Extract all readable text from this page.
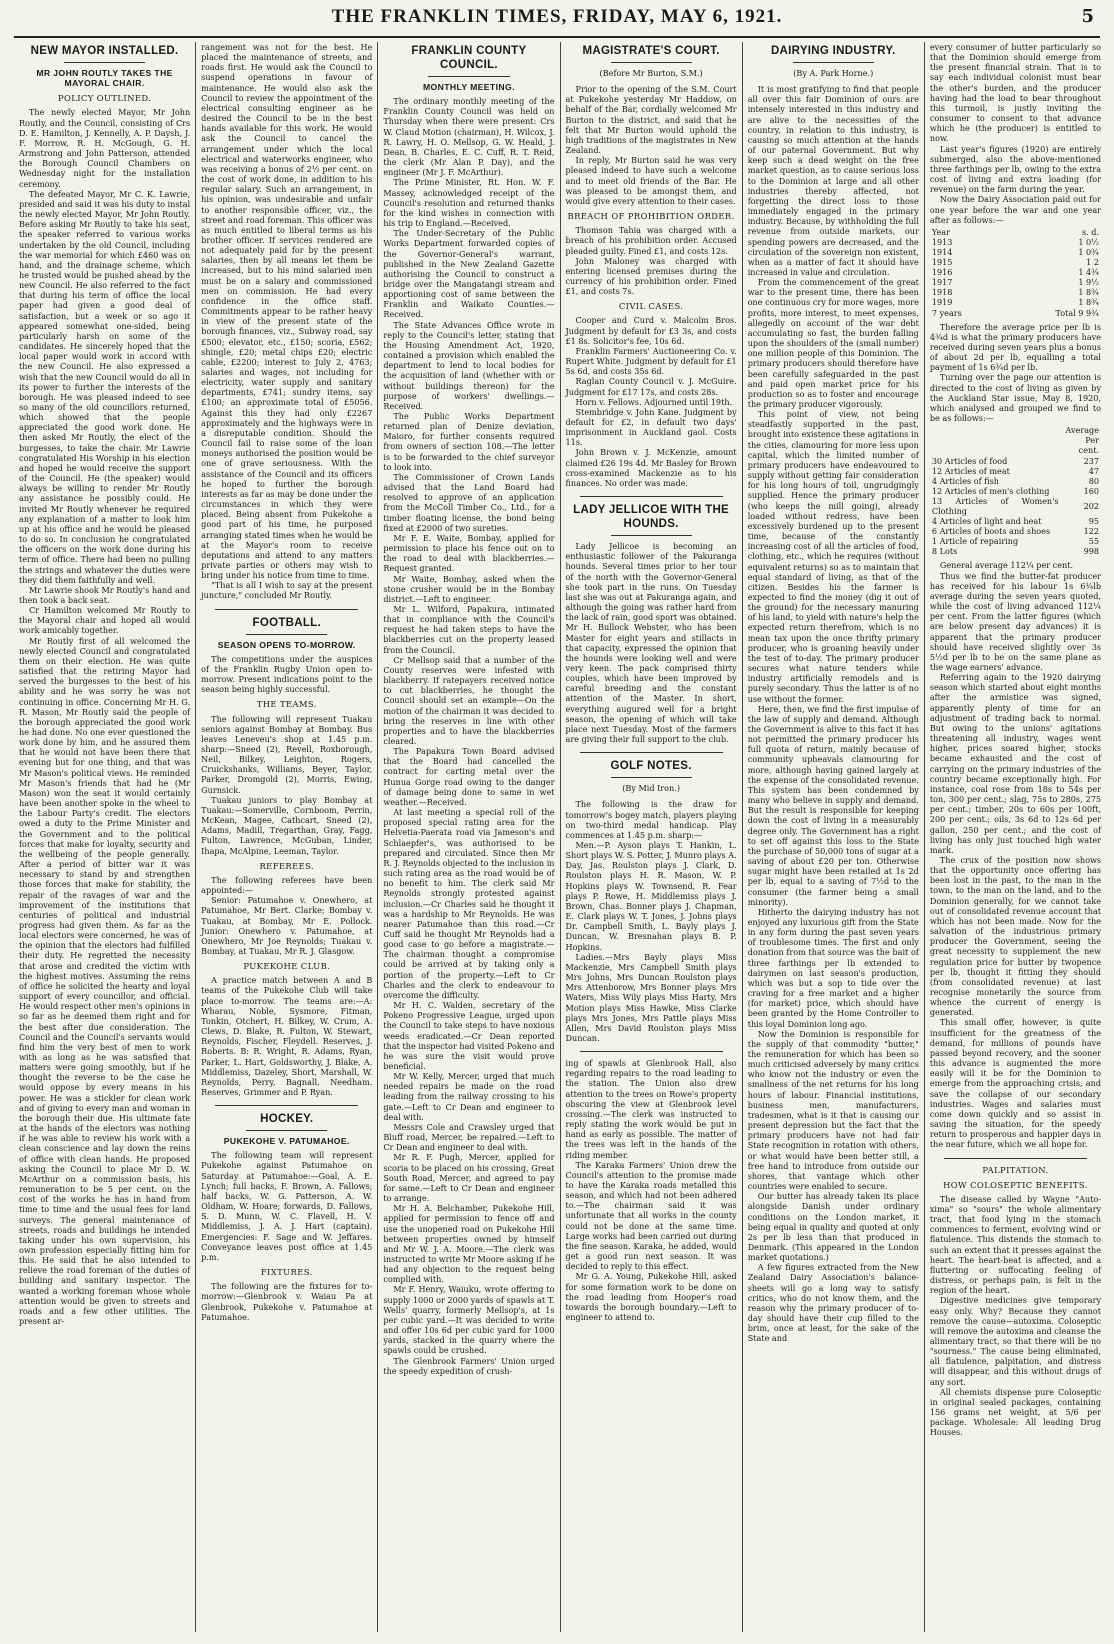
THE FRANKLIN TIMES, FRIDAY, MAY 6, 1921.	5
NEW MAYOR INSTALLED.
MR JOHN ROUTLY TAKES THE MAYORAL CHAIR.
POLICY OUTLINED.

The newly elected Mayor, Mr John Routly, and the Council, consisting of Crs D. E. Hamilton, J. Kennelly, A. P. Daysh, J. F. Morrow, R. H. McGough, G. H. Armstrong and John Patterson, attended the Borough Council Chambers on Wednesday night for the installation ceremony.

The defeated Mayor, Mr C. K. Lawrie, presided and said it was his duty to instal the newly elected Mayor, Mr John Routly. Before asking Mr Routly to take his seat, the speaker referred to various works undertaken by the old Council, including the war memorial for which £460 was on hand, and the drainage scheme, which he trusted would be pushed ahead by the new Council. He also referred to the fact that during his term of office the local paper had given a good deal of satisfaction, but a week or so ago it appeared somewhat one-sided, being particularly harsh on some of the candidates. He sincerely hoped that the local paper would work in accord with the new Council. He also expressed a wish that the new Council would do all in its power to further the interests of the borough. He was pleased indeed to see so many of the old councillors returned, which showed that the people appreciated the good work done. He then asked Mr Routly, the elect of the burgesses, to take the chair. Mr Lawrie congratulated His Worship in his election and hoped he would receive the support of the Council. He (the speaker) would always be willing to render Mr Routly any assistance he possibly could. He invited Mr Routly whenever he required any explanation of a matter to look him up at his office and he would be pleased to do so. In conclusion he congratulated the officers on the work done during his term of office. There had been no pulling the strings and whatever the duties were they did them faithfully and well.

Mr Lawrie shook Mr Routly's hand and then took a back seat.

Cr Hamilton welcomed Mr Routly to the Mayoral chair and hoped all would work amicably together.

Mr Routly first of all welcomed the newly elected Council and congratulated them on their election. He was quite satisfied that the retiring Mayor had served the burgesses to the best of his ability and he was sorry he was not continuing in office. Concerning Mr H. G. R. Mason, Mr Routly said the people of the borough appreciated the good work he had done. No one ever questioned the work done by him, and he assured them that he would not have been there that evening but for one thing, and that was Mr Mason's political views. He reminded Mr Mason's friends that had he (Mr Mason) won the seat it would certainly have been another spoke in the wheel to the Labour Party's credit. The electors owed a duty to the Prime Minister and the Government and to the political forces that make for loyalty, security and the wellbeing of the people generally. After a period of bitter war it was necessary to stand by and strengthen those forces that make for stability, the repair of the ravages of war and the improvement of the institutions that centuries of political and industrial progress had given them. As far as the local electors were concerned, he was of the opinion that the electors had fulfilled their duty. He regretted the necessity that arose and credited the victim with the highest motives. Assuming the reins of office he solicited the hearty and loyal support of every councillor, and official. He would respect other men's opinions in so far as he deemed them right and for the best after due consideration. The Council and the Council's servants would find him the very best of men to work with as long as he was satisfied that matters were going smoothly, but if he thought the reverse to be the case he would oppose by every means in his power. He was a stickler for clean work and of giving to every man and woman in the borough their due. His ultimate fate at the hands of the electors was nothing if he was able to review his work with a clean conscience and lay down the reins of office with clean hands. He proposed asking the Council to place Mr D. W. McArthur on a commission basis, his remuneration to be 5 per cent. on the cost of the works he has in hand from time to time and the usual fees for land surveys. The general maintenance of streets, roads and buildings he intended taking under his own supervision, his own profession especially fitting him for this. He said that he also intended to relieve the road foreman of the duties of building and sanitary inspector. The wanted a working foreman whose whole attention would be given to streets and roads and a few other utilities. The present ar-

rangement was not for the best. He placed the maintenance of streets, and roads first. He would ask the Council to suspend operations in favour of maintenance. He would also ask the Council to review the appointment of the electrical consulting engineer as he desired the Council to be in the best hands available for this work. He would ask the Council to cancel the arrangement under which the local electrical and waterworks engineer, who was receiving a bonus of 2½ per cent. on the cost of work done, in addition to his regular salary. Such an arrangement, in his opinion, was undesirable and unfair to another responsible officer, viz., the street and road foreman. This officer was as much entitled to liberal terms as his brother officer. If services rendered are not adequately paid for by the present salaries, then by all means let them be increased, but to his mind salaried men must be on a salary and commissioned men on commission. He had every confidence in the office staff. Commitments appear to be rather heavy in view of the present state of the borough finances, viz., Subway road, say £500; elevator, etc., £150; scoria, £562; shingle, £20; metal chips £20; electric cable, £2200; interest to July 2, 4763; salaries and wages, not including for electricity, water supply and sanitary departments, £741; sundry items, say £100; an approximate total of £5056. Against this they had only £2267 approximately and the highways were in a disreputable condition. Should the Council fail to raise some of the loan moneys authorised the position would be one of grave seriousness. With the assistance of the Council and its officers he hoped to further the borough interests as far as may be done under the circumstances in which they were placed. Being absent from Pukekohe a good part of his time, he purposed arranging stated times when he would be at the Mayor's room to receive deputations and attend to any matters private parties or others may wish to bring under his notice from time to time.

"That is all I wish to say at the present juncture," concluded Mr Routly.

FOOTBALL.
SEASON OPENS TO-MORROW.

The competitions under the auspices of the Franklin Rugby Union open to-morrow. Present indications point to the season being highly successful.

THE TEAMS.

The following will represent Tuakau seniors against Bombay at Bombay. Bus leaves Leneveu's shop at 1.45 p.m. sharp:—Sneed (2), Revell, Roxborough, Neil, Bilkey, Leighton, Rogers, Cruickshanks, Williams, Beyer, Taylor, Parker, Dromgold (2), Morris, Ewing, Gurnsick.

Tuakau juniors to play Bombay at Tuakau:—Somerville, Cornboom, Perrin, McKean, Magee, Cathcart, Sneed (2), Adams, Madill, Tregarthan, Gray, Fagg, Fulton, Lawrence, McGuban, Linder, Ihapa, McAlpine, Leeman, Taylor.

REFEREES.

The following referees have been appointed:—

Senior: Patumahoe v. Onewhero, at Patumahoe, Mr Bert. Clarke; Bombay v. Tuakau, at Bombay, Mr E. Pollock. Junior: Onewhero v. Patumahoe, at Onewhero, Mr Joe Reynolds; Tuakau v. Bombay, at Tuakau, Mr R. J. Glasgow.

PUKEKOHE CLUB.

A practice match between A and B teams of the Pukekohe Club will take place to-morrow. The teams are:—A: Wharau, Noble, Sysmore, Fitman, Tonkin, Otchert, H. Bilkey, W. Crum, A. Clews, D. Blake, R. Fulton, W. Stewart, Reynolds, Fischer, Fleydell. Reserves, J. Roberts. B: R. Wright, R. Adams, Ryan, Parker, L. Hart, Goldsworthy, J. Blake, A. Middlemiss, Dazeley, Short, Marshall, W. Reynolds, Perry, Bagnall, Needham. Reserves, Grimmer and P. Ryan.

HOCKEY.
PUKEKOHE V. PATUMAHOE.

The following team will represent Pukekohe against Patumahoe on Saturday at Patumahoe:—Goal, A. E. Lynch; full backs, F. Brown, A. Fallows; half backs, W. G. Patterson, A. W. Oldham, W. Hoare; forwards, D. Fallows, S. D. Munn, W. C. Flavell, H. V. Middlemiss, J. A. J. Hart (captain). Emergencies: F. Sage and W. Jeffares. Conveyance leaves post office at 1.45 p.m.

FIXTURES.

The following are the fixtures for to-morrow:—Glenbrook v. Waiau Pa at Glenbrook, Pukekohe v. Patumahoe at Patumahoe.

FRANKLIN COUNTY COUNCIL.
MONTHLY MEETING.

The ordinary monthly meeting of the Franklin County Council was held on Thursday when there were present: Crs W. Claud Motion (chairman), H. Wilcox, J. R. Lawry, H. O. Mellsop, G. W. Heald, J. Dean, B. Charles, E. C. Cuff, R. T. Reid, the clerk (Mr Alan P. Day), and the engineer (Mr J. F. McArthur).

The Prime Minister, Rt. Hon. W. F. Massey, acknowledged receipt of the Council's resolution and returned thanks for the kind wishes in connection with his trip to England.—Received.

The Under-Secretary of the Public Works Department forwarded copies of the Governor-General's warrant, published in the New Zealand Gazette authorising the Council to construct a bridge over the Mangatangi stream and apportioning cost of same between the Franklin and Waikato Counties.—Received.

The State Advances Office wrote in reply to the Council's letter, stating that the Housing Amendment Act, 1920, contained a provision which enabled the department to lend to local bodies for the acquisition of land (whether with or without buildings thereon) for the purpose of workers' dwellings.—Received.

The Public Works Department returned plan of Denize deviation, Maioro, for further consents required from owners of section 108.—The letter is to be forwarded to the chief surveyor to look into.

The Commissioner of Crown Lands advised that the Land Board had resolved to approve of an application from the McColl Timber Co., Ltd., for a timber floating license, the bond being fixed at £2000 of two sureties.

Mr F. E. Waite, Bombay, applied for permission to place his fence out on to the road to deal with blackberries.—Request granted.

Mr Waite, Bombay, asked when the stone crusher would be in the Bombay district.—Left to engineer.

Mr L. Wilford, Papakura, intimated that in compliance with the Council's request he had taken steps to have the blackberries cut on the property leased from the Council.

Cr Mellsop said that a number of the County reserves were infested with blackberry. If ratepayers received notice to cut blackberries, he thought the Council should set an example—On the motion of the chairman it was decided to bring the reserves in line with other properties and to have the blackberries cleared.

The Papakura Town Board advised that the Board had cancelled the contract for carting metal over the Hunua Gorge road owing to the danger of damage being done to same in wet weather.—Received.

At last meeting a special roll of the proposed special rating area for the Helvetia-Paerata road via Jameson's and Schlaepfer's, was authorised to be prepared and circulated. Since then Mr R. J. Reynolds objected to the inclusion in such rating area as the road would be of no benefit to him. The clerk said Mr Reynolds strongly protested against inclusion.—Cr Charles said he thought it was a hardship to Mr Reynolds. He was nearer Patumahoe than this road.—Cr Cuff said he thought Mr Reynolds had a good case to go before a magistrate.—The chairman thought a compromise could be arrived at by taking only a portion of the property.—Left to Cr Charles and the clerk to endeavour to overcome the difficulty.

Mr H. C. Walden, secretary of the Pokeno Progressive League, urged upon the Council to take steps to have noxious weeds eradicated.—Cr Dean reported that the inspector had visited Pokeno and he was sure the visit would prove beneficial.

Mr W. Kelly, Mercer, urged that much needed repairs be made on the road leading from the railway crossing to his gate.—Left to Cr Dean and engineer to deal with.

Messrs Cole and Crawsley urged that Bluff road, Mercer, be repaired.—Left to Cr Dean and engineer to deal with.

Mr R. F. Pugh, Mercer, applied for scoria to be placed on his crossing, Great South Road, Mercer, and agreed to pay for same.—Left to Cr Dean and engineer to arrange.

Mr H. A. Belchamber, Pukekohe Hill, applied for permission to fence off and use the unopened road on Pukekohe Hill between properties owned by himself and Mr W. J. A. Moore.—The clerk was instructed to write Mr Moore asking if he had any objection to the request being complied with.

Mr F. Henry, Waiuku, wrote offering to supply 1000 or 2000 yards of spawls at T. Wells' quarry, formerly Mellsop's, at 1s per cubic yard.—It was decided to write and offer 10s 6d per cubic yard for 1000 yards, stacked in the quarry where the spawls could be crushed.

The Glenbrook Farmers' Union urged the speedy expedition of crush-

MAGISTRATE'S COURT.
(Before Mr Burton, S.M.)

Prior to the opening of the S.M. Court at Pukekohe yesterday Mr Haddow, on behalf of the Bar, cordially welcomed Mr Burton to the district, and said that he felt that Mr Burton would uphold the high traditions of the magistrates in New Zealand.

In reply, Mr Burton said he was very pleased indeed to have such a welcome and to meet old friends of the Bar. He was pleased to be amongst them, and would give every attention to their cases.

BREACH OF PROHIBITION ORDER.

Thomson Tahia was charged with a breach of his prohibition order. Accused pleaded guilty. Fined £1, and costs 12s.

John Maloney was charged with entering licensed premises during the currency of his prohibition order. Fined £1, and costs 7s.

CIVIL CASES.

Cooper and Curd v. Malcolm Bros. Judgment by default for £3 3s, and costs £1 8s. Solicitor's fee, 10s 6d.

Franklin Farmers' Auctioneering Co. v. Rupert White. Judgment by default for £1 5s 6d, and costs 35s 6d.

Raglan County Council v. J. McGuire. Judgment for £17 17s, and costs 28s.

Horn v. Fellows. Adjourned until 19th.

Stembridge v. John Kane. Judgment by default for £2, in default two days' imprisonment in Auckland gaol. Costs 11s.

John Brown v. J. McKenzie, amount claimed £26 19s 4d. Mr Basley for Brown cross-examined Mackenzie as to his finances. No order was made.

LADY JELLICOE WITH THE HOUNDS.

Lady Jellicoe is becoming an enthusiastic follower of the Pakuranga hounds. Several times prior to her tour of the north with the Governor-General she took part in the runs. On Tuesday last she was out at Pakuranga again, and although the going was rather hard from the lack of rain, good sport was obtained. Mr H. Bullock Webster, who has been Master for eight years and stillacts in that capacity, expressed the opinion that the hounds were looking well and were very keen. The pack comprised thirty couples, which have been improved by careful breeding and the constant attention of the Master. In short, everything augured well for a bright season, the opening of which will take place next Tuesday. Most of the farmers are giving their full support to the club.

GOLF NOTES.
(By Mid Iron.)

The following is the draw for tomorrow's bogey match, players playing on two-third medal handicap. Play commences at 1.45 p.m. sharp:—

Men.—P. Ayson plays T. Hankin, L. Short plays W. S. Potter, J. Munro plays A. Day, Jas. Roulston plays J. Clark, D. Roulston plays H. R. Mason, W. P. Hopkins plays W. Townsend, R. Fear plays P. Rowe, H. Middlemiss plays J. Brown, Chas. Bonner plays J. Chapman, E. Clark plays W. T. Jones, J. Johns plays Dr. Campbell Smith, L. Bayly plays J. Duncan, W. Bresnahan plays B. P. Hopkins.

Ladies.—Mrs Bayly plays Miss Mackenzie, Mrs Campbell Smith plays Mrs Johns, Mrs Duncan Roulston plays Mrs Attenborow, Mrs Bonner plays Mrs Waters, Miss Wily plays Miss Harty, Mrs Motion plays Miss Hawke, Miss Clarke plays Mrs Jones, Mrs Pattle plays Miss Allen, Mrs David Roulston plays Miss Duncan.

ing of spawls at Glenbrook Hall, also regarding repairs to the road leading to the station. The Union also drew attention to the trees on Rowe's property obscuring the view at Glenbrook level crossing.—The clerk was instructed to reply stating the work would be put in hand as early as possible. The matter of the trees was left in the hands of the riding member.

The Karaka Farmers' Union drew the Council's attention to the promise made to have the Karaka roads metalled this season, and which had not been adhered to.—The chairman said it was unfortunate that all works in the county could not be done at the same time. Large works had been carried out during the fine season. Karaka, he added, would get a good run next season. It was decided to reply to this effect.

Mr G. A. Young, Pukekohe Hill, asked for some formation work to be done on the road leading from Hooper's road towards the borough boundary.—Left to engineer to attend to.

DAIRYING INDUSTRY.
(By A. Park Horne.)

It is most gratifying to find that people all over this fair Dominion of ours are intensely interested in this industry and are alive to the necessities of the country, in relation to this industry, is causing so much attention at the hands of our paternal Government. But why keep such a dead weight on the free market question, as to cause serious loss to the Dominion at large and all other industries thereby affected, not forgetting the direct loss to those immediately engaged in the primary industry. Because, by withholding the full revenue from outside markets, our spending powers are decreased, and the circulation of the sovereign non existent, when as a matter of fact it should have increased in value and circulation.

From the commencement of the great war to the present time, there has been one continuous cry for more wages, more profits, more interest, to meet expenses, allegedly on account of the war debt accumulating so fast, the burden falling upon the shoulders of the (small number) one million people of this Dominion. The primary producers should therefore have been carefully safeguarded in the past and paid open market price for his production so as to foster and encourage the primary producer vigorously.

This point of view, not being steadfastly supported in the past, brought into existence these agitations in the cities, clamouring for more less upon capital, which the limited number of primary producers have endeavoured to supply without getting fair consideration for his long hours of toil, ungrudgingly supplied. Hence the primary producer (who keeps the mill going), already loaded without redress, have been excessively burdened up to the present time, because of the constantly increasing cost of all the articles of food, clothing, etc., which he requires (without equivalent returns) so as to maintain that equal standard of living, as that of the citizen. Besides his the farmer is expected to find the money (dig it out of the ground) for the necessary manuring of his land, to yield with nature's help the expected return therefrom, which is no mean tax upon the once thrifty primary producer, who is groaning heavily under the test of to-day. The primary producer secures what nature tenders while industry artificially remodels and is purely secondary. Thus the latter is of no use without the former.

Here, then, we find the first impulse of the law of supply and demand. Although the Government is alive to this fact it has not permitted the primary producer his full quota of return, mainly because of community upheavals clamouring for more, although having gained largely at the expense of the consolidated revenue. This system has been condemned by many who believe in supply and demand. But the result is responsible for keeping down the cost of living in a measurably degree only. The Government has a right to set off against this loss to the State the purchase of 50,000 tons of sugar at a saving of about £20 per ton. Otherwise sugar might have been retailed at 1s 2d per lb, equal to a saving of 7½d to the consumer (the farmer being a small minority).

Hitherto the dairying industry has not enjoyed any luxurious gift from the State in any form during the past seven years of troublesome times. The first and only donation from that source was the bait of three farthings per lb extended to dairymen on last season's production, which was but a sop to tide over the craving for a free market and a higher (for market) price, which should have been granted by the Home Controller to this loyal Dominion long ago.

Now the Dominion is responsible for the supply of that commodity "butter," the remuneration for which has been so much criticised adversely by many critics who know not the industry or even the smallness of the net returns for his long hours of labour. Financial institutions, business men, manufacturers, tradesmen, what is it that is causing our present depression but the fact that the primary producers have not had fair State recognition in rotation with others, or what would have been better still, a free hand to introduce from outside our shores, that vantage which other countries were enabled to secure.

Our butter has already taken its place alongside Danish under ordinary conditions on the London market, it being equal in quality and quoted at only 2s per lb less than that produced in Denmark. (This appeared in the London market quotations.)

A few figures extracted from the New Zealand Dairy Association's balance-sheets will go a long way to satisfy critics, who do not know them, and the reason why the primary producer of to-day should have their cup filled to the brim, once at least, for the sake of the State and

every consumer of butter particularly so that the Dominion should emerge from the present financial strain. That is to say each individual colonist must bear the other's burden, and the producer having had the load to bear throughout this turmoil, is justly inviting the consumer to consent to that advance which he (the producer) is entitled to now.

Last year's figures (1920) are entirely submerged, also the above-mentioned three farthings per lb, owing to the extra cost of living and extra loading (for revenue) on the farm during the year.

Now the Dairy Association paid out for one year before the war and one year after as follows:—

Year	s. d.
1913	1 0½
1914	1 0¾
1915	1 2
1916	1 4¾
1917	1 9½
1918	1 8¾
1919	1 8¾
7 years	Total 9 9¾

Therefore the average price per lb is 4¾d is what the primary producers have received during seven years plus a bonus of about 2d per lb, equalling a total payment of 1s 6¾d per lb.

Turning over the page our attention is directed to the cost of living as given by the Auckland Star issue, May 8, 1920, which analysed and grouped we find to be as follows:—

	Average
Per cent.
30 Articles of food	237
12 Articles of meat	47
4 Articles of fish	80
12 Articles of men's clothing	160
13 Articles of Women's Clothing	202
4 Articles of light and heat	95
6 Articles of boots and shoes	122
1 Article of repairing	55
8 Lots	998

General average 112¼ per cent.

Thus we find the butter-fat producer has received for his labour 1s 6¾lb average during the seven years quoted, while the cost of living advanced 112¼ per cent. From the latter figures (which are below present day advances) it is apparent that the primary producer should have received slightly over 3s 5½d per lb to be on the same plane as the wage earners' advance.

Referring again to the 1920 dairying season which started about eight months after the armistice was signed, apparently plenty of time for an adjustment of trading back to normal. But owing to the unions' agitations threatening all industry, wages went higher, prices soared higher, stocks became exhausted and the cost of carrying on the primary industries of the country became exceptionally high. For instance, coal rose from 18s to 54s per ton, 300 per cent.; slag, 75s to 280s, 275 per cent.; timber, 20s to 60s per 100ft, 200 per cent.; oils, 3s 6d to 12s 6d per gallon, 250 per cent.; and the cost of living has only just touched high water mark.

The crux of the position now shows that the opportunity once offering has been lost in the past, to the man in the town, to the man on the land, and to the Dominion generally, for we cannot take out of consolidated revenue account that which has not been made. Now for the salvation of the industrious primary producer the Government, seeing the great necessity to supplement the new regulation price for butter by twopence per lb, thought it fitting they should (from consolidated revenue) at last recognise monetarily the source from whence the current of energy is generated.

This small offer, however, is quite insufficient for the greatness of the demand, for millions of pounds have passed beyond recovery, and the sooner this advance is augmented the more easily will it be for the Dominion to emerge from the approaching crisis, and save the collapse of our secondary industries. Wages and salaries must come down quickly and so assist in saving the situation, for the speedy return to prosperous and happier days in the near future, which we all hope for.

PALPITATION.
HOW COLOSEPTIC BENEFITS.

The disease called by Wayne "Auto-xima" so "sours" the whole alimentary tract, that food lying in the stomach commences to ferment, evolving wind or flatulence. This distends the stomach to such an extent that it presses against the heart. The heart-beat is affected, and a fluttering or suffocating feeling of distress, or perhaps pain, is felt in the region of the heart.

Digestive medicines give temporary easy only. Why? Because they cannot remove the cause—autoxima. Coloseptic will remove the autoxima and cleanse the alimentary tract, so that there will be no "sourness." The cause being eliminated, all flatulence, palpitation, and distress will disappear, and this without drugs of any sort.

All chemists dispense pure Coloseptic in original sealed packages, containing 156 grams net weight, at 5/6 per package. Wholesale: All leading Drug Houses.
